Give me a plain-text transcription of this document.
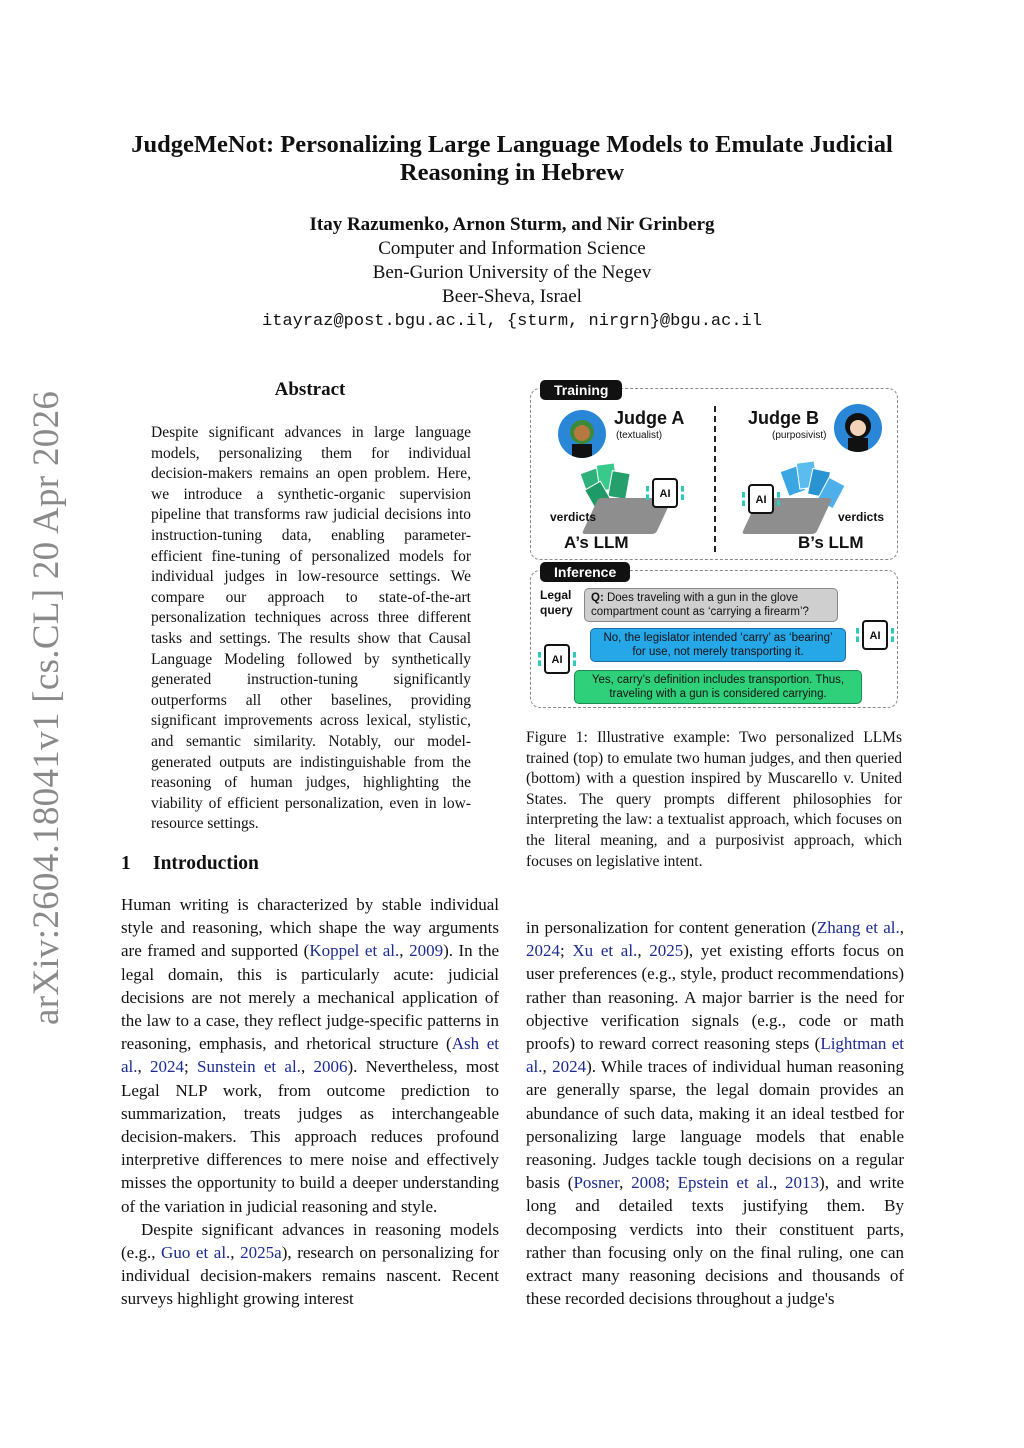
arXiv:2604.18041v1 [cs.CL] 20 Apr 2026
JudgeMeNot: Personalizing Large Language Models to Emulate Judicial
Reasoning in Hebrew
Itay Razumenko, Arnon Sturm, and Nir Grinberg
Computer and Information Science
Ben-Gurion University of the Negev
Beer-Sheva, Israel
itayraz@post.bgu.ac.il, {sturm, nirgrn}@bgu.ac.il
Abstract
Despite significant advances in large language models, personalizing them for individual decision-makers remains an open problem. Here, we introduce a synthetic-organic supervision pipeline that transforms raw judicial decisions into instruction-tuning data, enabling parameter-efficient fine-tuning of personalized models for individual judges in low-resource settings. We compare our approach to state-of-the-art personalization techniques across three different tasks and settings. The results show that Causal Language Modeling followed by synthetically generated instruction-tuning significantly outperforms all other baselines, providing significant improvements across lexical, stylistic, and semantic similarity. Notably, our model-generated outputs are indistinguishable from the reasoning of human judges, highlighting the viability of efficient personalization, even in low-resource settings.
1 Introduction

Human writing is characterized by stable individual style and reasoning, which shape the way arguments are framed and supported (Koppel et al., 2009). In the legal domain, this is particularly acute: judicial decisions are not merely a mechanical application of the law to a case, they reflect judge-specific patterns in reasoning, emphasis, and rhetorical structure (Ash et al., 2024; Sunstein et al., 2006). Nevertheless, most Legal NLP work, from outcome prediction to summarization, treats judges as interchangeable decision-makers. This approach reduces profound interpretive differences to mere noise and effectively misses the opportunity to build a deeper understanding of the variation in judicial reasoning and style.

Despite significant advances in reasoning models (e.g., Guo et al., 2025a), research on personalizing for individual decision-makers remains nascent. Recent surveys highlight growing interest

in personalization for content generation (Zhang et al., 2024; Xu et al., 2025), yet existing efforts focus on user preferences (e.g., style, product recommendations) rather than reasoning. A major barrier is the need for objective verification signals (e.g., code or math proofs) to reward correct reasoning steps (Lightman et al., 2024). While traces of individual human reasoning are generally sparse, the legal domain provides an abundance of such data, making it an ideal testbed for personalizing large language models that enable reasoning. Judges tackle tough decisions on a regular basis (Posner, 2008; Epstein et al., 2013), and write long and detailed texts justifying them. By decomposing verdicts into their constituent parts, rather than focusing only on the final ruling, one can extract many reasoning decisions and thousands of these recorded decisions throughout a judge's

Training
Inference
Judge A
(textualist)
AI
verdicts
A’s LLM
Judge B
(purposivist)
AI
verdicts
B’s LLM
Legal query
Q: Does traveling with a gun in the glove compartment count as ‘carrying a firearm’?
AI
No, the legislator intended ‘carry’ as ‘bearing’ for use, not merely transporting it.
AI
Yes, carry’s definition includes transportion. Thus, traveling with a gun is considered carrying.
Figure 1: Illustrative example: Two personalized LLMs trained (top) to emulate two human judges, and then queried (bottom) with a question inspired by Muscarello v. United States. The query prompts different philosophies for interpreting the law: a textualist approach, which focuses on the literal meaning, and a purposivist approach, which focuses on legislative intent.
